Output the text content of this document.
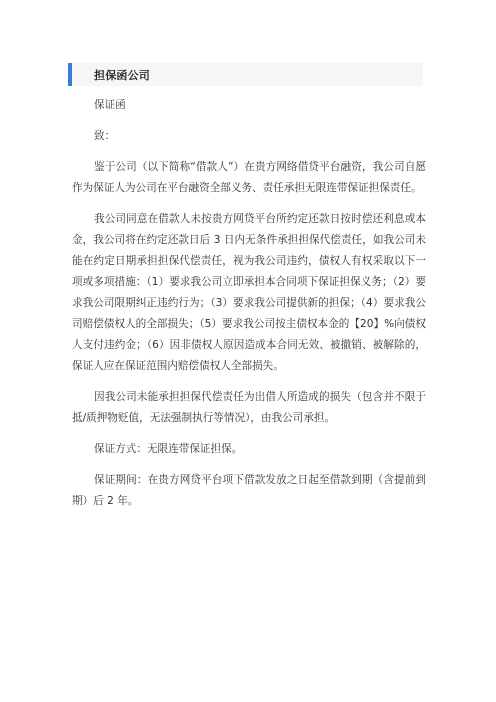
担保函公司

保证函

致：

鉴于公司（以下简称“借款人”）在贵方网络借贷平台融资，我公司自愿作为保证人为公司在平台融资全部义务、责任承担无限连带保证担保责任。

我公司同意在借款人未按贵方网贷平台所约定还款日按时偿还利息或本金，我公司将在约定还款日后 3 日内无条件承担担保代偿责任，如我公司未能在约定日期承担担保代偿责任，视为我公司违约，债权人有权采取以下一项或多项措施：（1）要求我公司立即承担本合同项下保证担保义务；（2）要求我公司限期纠正违约行为；（3）要求我公司提供新的担保；（4）要求我公司赔偿债权人的全部损失；（5）要求我公司按主债权本金的【20】%向债权人支付违约金；（6）因非债权人原因造成本合同无效、被撤销、被解除的，保证人应在保证范围内赔偿债权人全部损失。

因我公司未能承担担保代偿责任为出借人所造成的损失（包含并不限于抵/质押物贬值，无法强制执行等情况），由我公司承担。

保证方式：无限连带保证担保。

保证期间：在贵方网贷平台项下借款发放之日起至借款到期（含提前到期）后 2 年。
